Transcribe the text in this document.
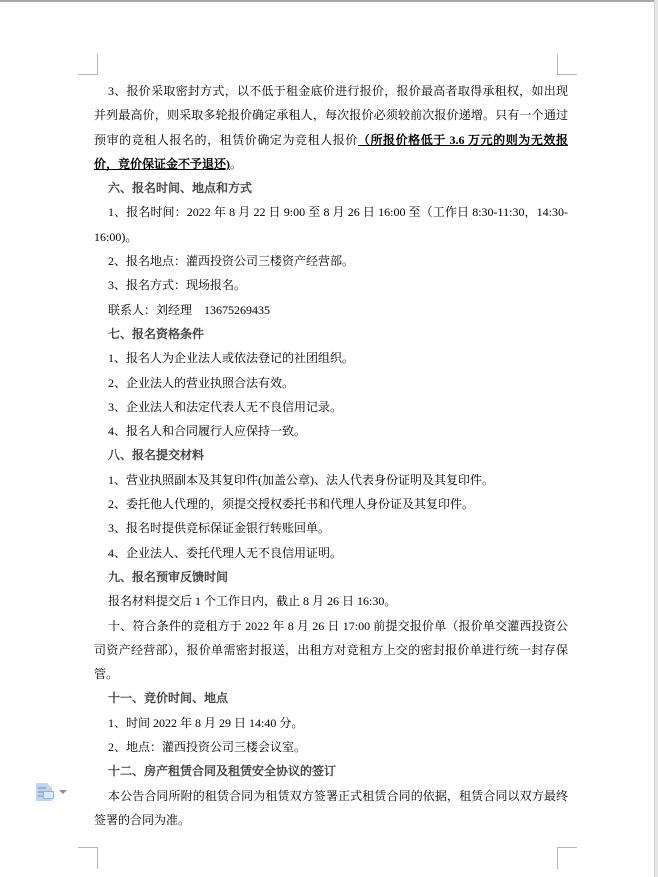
3、报价采取密封方式，以不低于租金底价进行报价，报价最高者取得承租权，如出现并列最高价，则采取多轮报价确定承租人，每次报价必须较前次报价递增。只有一个通过预审的竞租人报名的，租赁价确定为竞租人报价（所报价格低于 3.6 万元的则为无效报价，竞价保证金不予退还)。
六、报名时间、地点和方式
1、报名时间：2022 年 8 月 22 日 9:00 至 8 月 26 日 16:00 至（工作日 8:30-11:30，14:30-16:00)。
2、报名地点：灌西投资公司三楼资产经营部。
3、报名方式：现场报名。
联系人：刘经理　13675269435
七、报名资格条件
1、报名人为企业法人或依法登记的社团组织。
2、企业法人的营业执照合法有效。
3、企业法人和法定代表人无不良信用记录。
4、报名人和合同履行人应保持一致。
八、报名提交材料
1、营业执照副本及其复印件(加盖公章)、法人代表身份证明及其复印件。
2、委托他人代理的，须提交授权委托书和代理人身份证及其复印件。
3、报名时提供竞标保证金银行转账回单。
4、企业法人、委托代理人无不良信用证明。
九、报名预审反馈时间
报名材料提交后 1 个工作日内，截止 8 月 26 日 16:30。
十、符合条件的竞租方于 2022 年 8 月 26 日 17:00 前提交报价单（报价单交灌西投资公司资产经营部），报价单需密封报送，出租方对竞租方上交的密封报价单进行统一封存保管。
十一、竞价时间、地点
1、时间 2022 年 8 月 29 日 14:40 分。
2、地点：灌西投资公司三楼会议室。
十二、房产租赁合同及租赁安全协议的签订
本公告合同所附的租赁合同为租赁双方签署正式租赁合同的依据，租赁合同以双方最终签署的合同为准。
